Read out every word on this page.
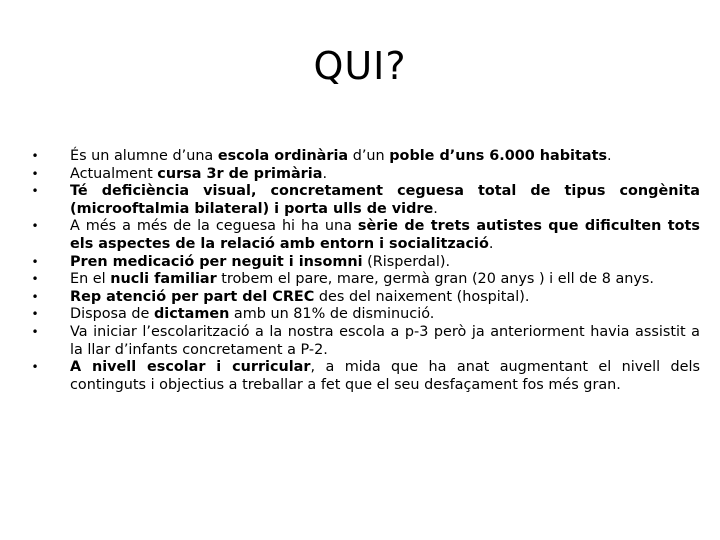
QUI?
• És un alumne d’una escola ordinària d’un poble d’uns 6.000 habitats.
• Actualment cursa 3r de primària.
• Té deficiència visual, concretament ceguesa total de tipus congènita (microoftalmia bilateral) i porta ulls de vidre.
• A més a més de la ceguesa hi ha una sèrie de trets autistes que dificulten tots els aspectes de la relació amb entorn i socialització.
• Pren medicació per neguit i insomni (Risperdal).
• En el nucli familiar trobem el pare, mare, germà gran (20 anys ) i ell de 8 anys.
• Rep atenció per part del CREC des del naixement (hospital).
• Disposa de dictamen amb un 81% de disminució.
• Va iniciar l’escolarització a la nostra escola a p-3 però ja anteriorment havia assistit a la llar d’infants concretament a P-2.
• A nivell escolar i curricular, a mida que ha anat augmentant el nivell dels continguts i objectius a treballar a fet que el seu desfaçament fos més gran.
